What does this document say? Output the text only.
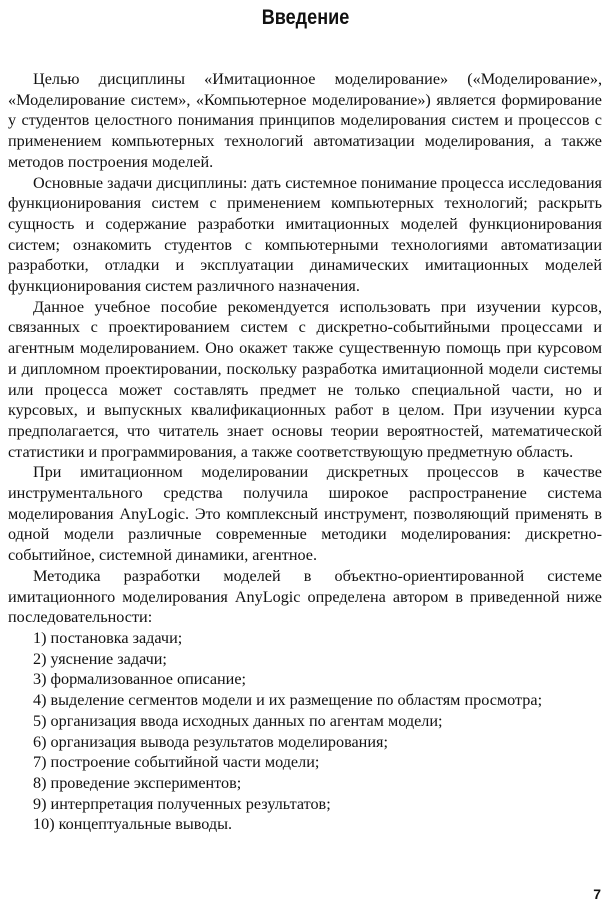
Введение

Целью дисциплины «Имитационное моделирование» («Моделирование», «Моделирование систем», «Компьютерное моделирование») является формирование у студентов целостного понимания принципов моделирования систем и процессов с применением компьютерных технологий автоматизации моделирования, а также методов построения моделей.

Основные задачи дисциплины: дать системное понимание процесса исследования функционирования систем с применением компьютерных технологий; раскрыть сущность и содержание разработки имитационных моделей функционирования систем; ознакомить студентов с компьютерными технологиями автоматизации разработки, отладки и эксплуатации динамических имитационных моделей функционирования систем различного назначения.

Данное учебное пособие рекомендуется использовать при изучении курсов, связанных с проектированием систем с дискретно-событийными процессами и агентным моделированием. Оно окажет также существенную помощь при курсовом и дипломном проектировании, поскольку разработка имитационной модели системы или процесса может составлять предмет не только специальной части, но и курсовых, и выпускных квалификационных работ в целом. При изучении курса предполагается, что читатель знает основы теории вероятностей, математической статистики и программирования, а также соответствующую предметную область.

При имитационном моделировании дискретных процессов в качестве инструментального средства получила широкое распространение система моделирования AnyLogic. Это комплексный инструмент, позволяющий применять в одной модели различные современные методики моделирования: дискретно-событийное, системной динамики, агентное.

Методика разработки моделей в объектно-ориентированной системе имитационного моделирования AnyLogic определена автором в приведенной ниже последовательности:

1) постановка задачи;
2) уяснение задачи;
3) формализованное описание;
4) выделение сегментов модели и их размещение по областям просмотра;
5) организация ввода исходных данных по агентам модели;
6) организация вывода результатов моделирования;
7) построение событийной части модели;
8) проведение экспериментов;
9) интерпретация полученных результатов;
10) концептуальные выводы.
7
